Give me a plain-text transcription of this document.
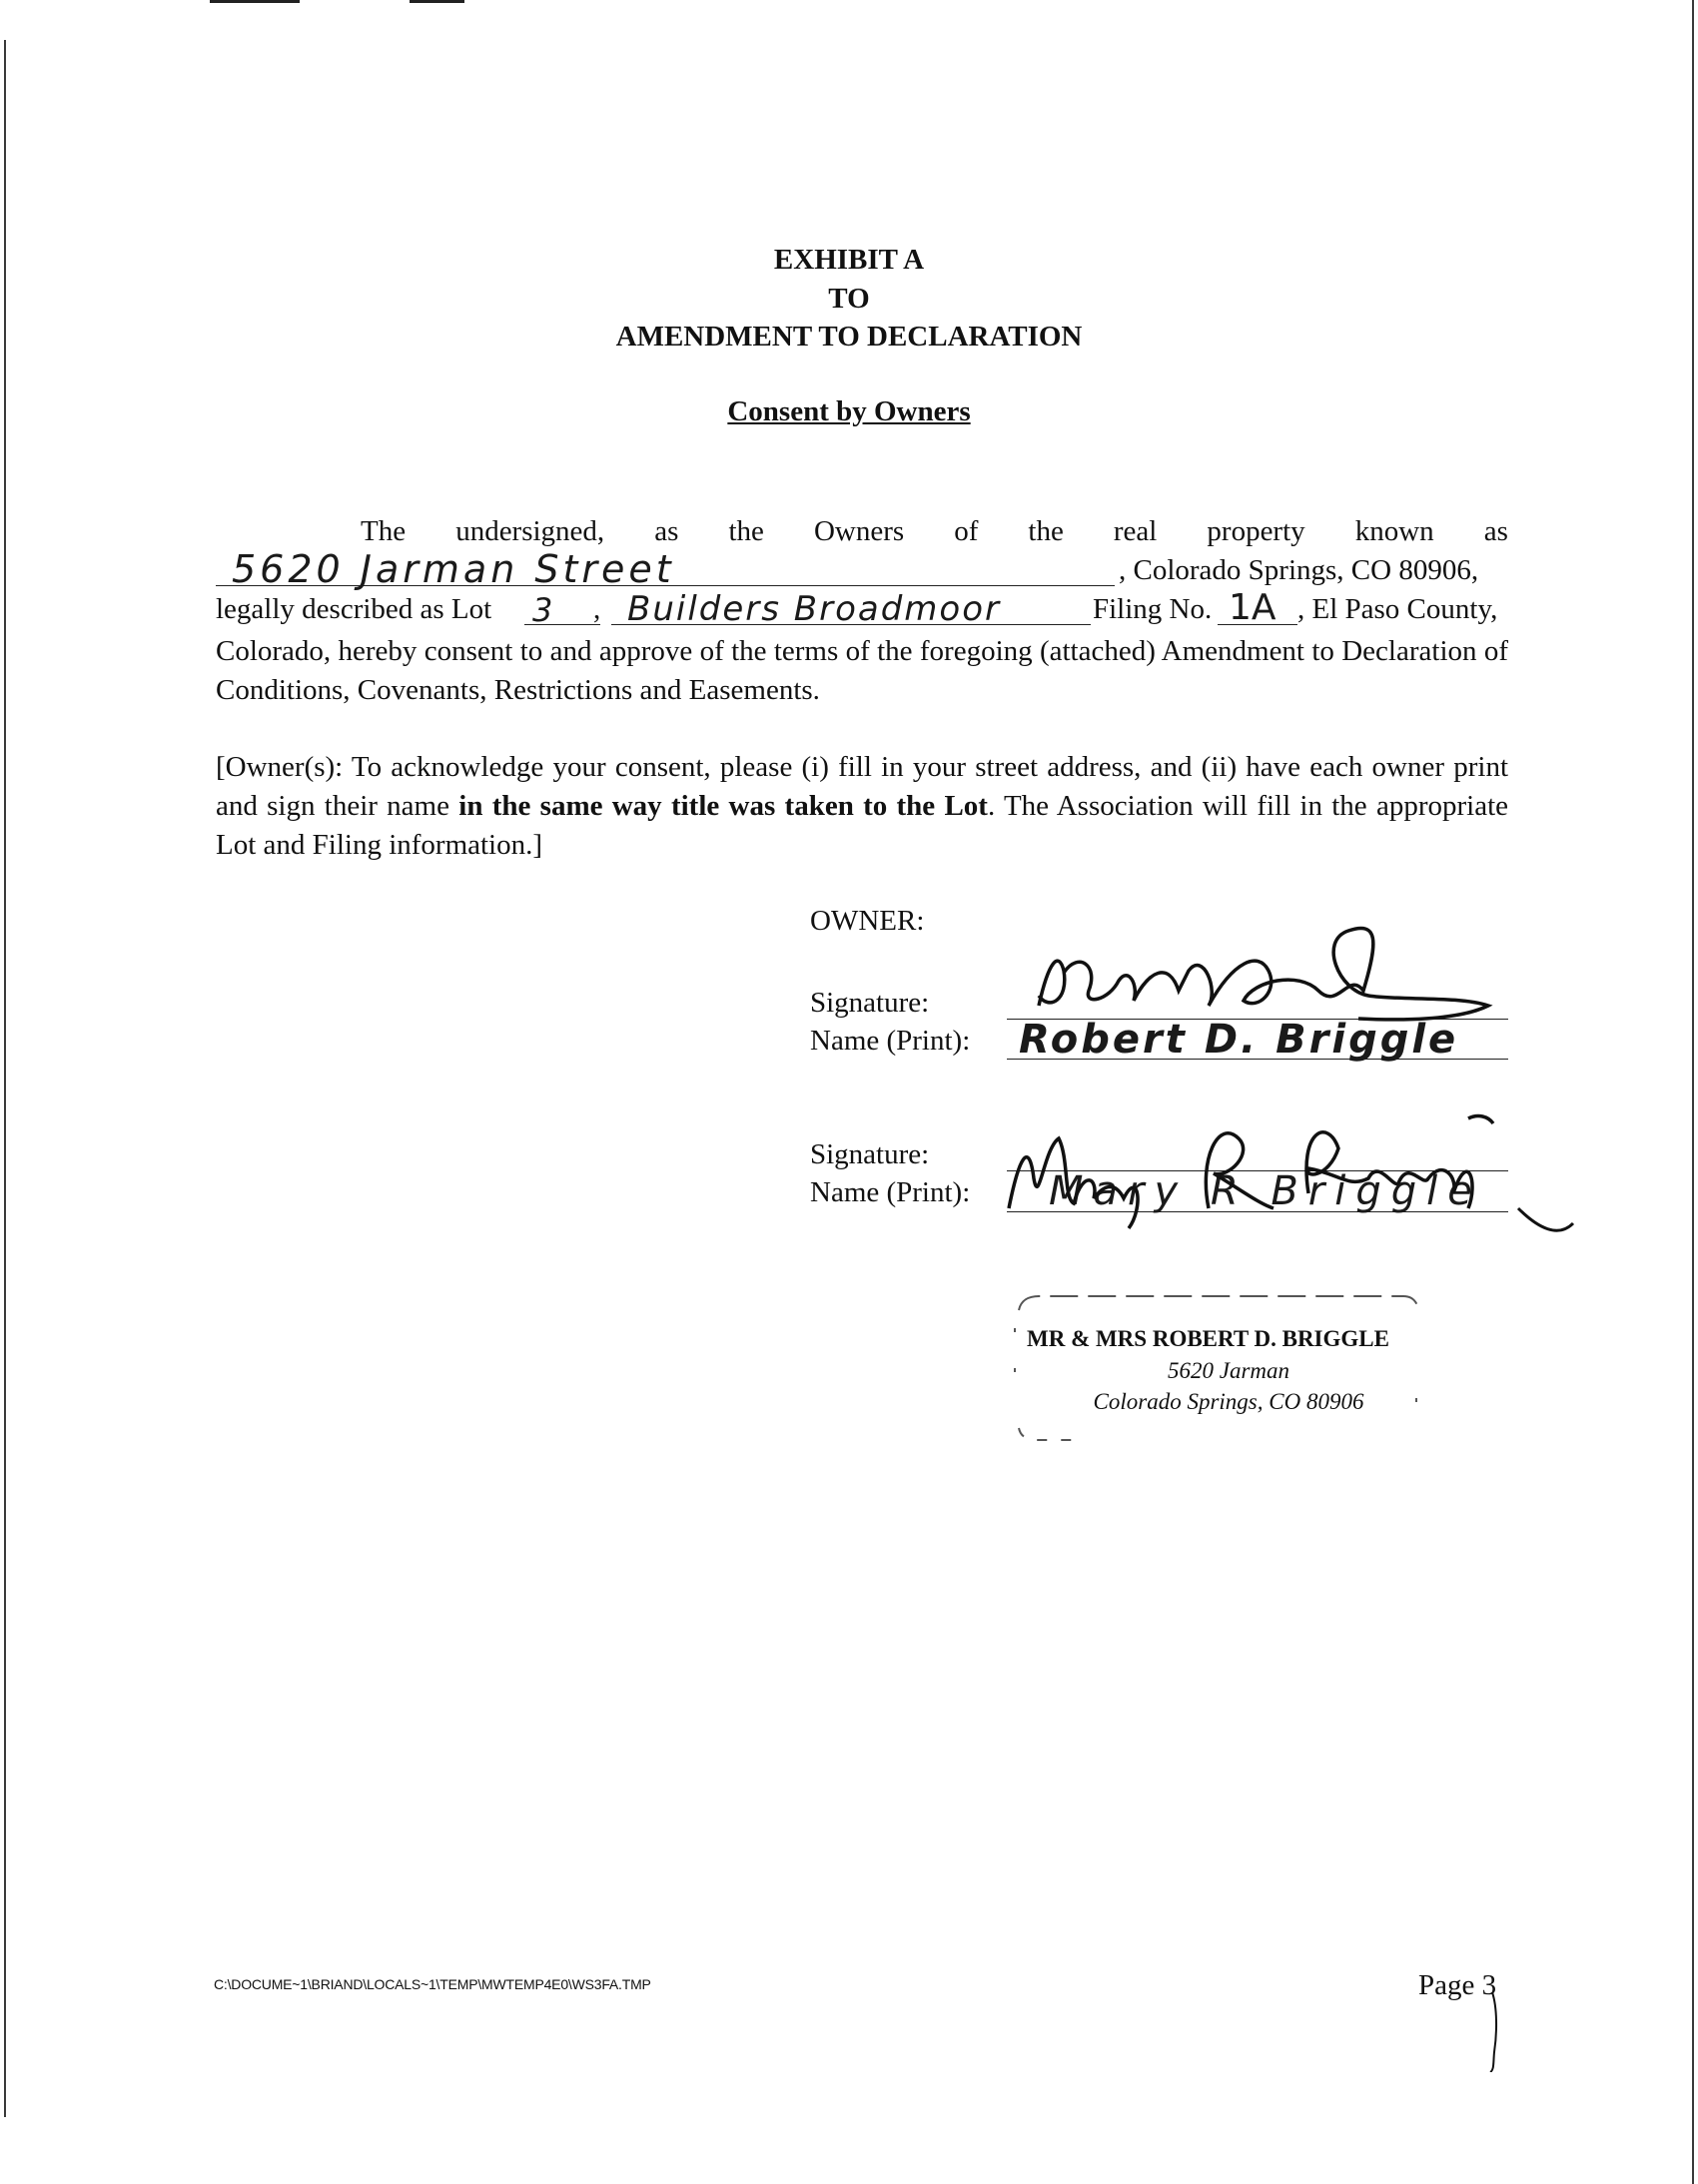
EXHIBIT A
TO
AMENDMENT TO DECLARATION
Consent by Owners
The undersigned, as the Owners of the real property known as
5620 Jarman Street	, Colorado Springs, CO 80906,
legally described as Lot	,	Filing No.	, El Paso County,
3 Builders Broadmoor	1A
Colorado, hereby consent to and approve of the terms of the foregoing (attached) Amendment to Declaration of Conditions, Covenants, Restrictions and Easements.
[Owner(s): To acknowledge your consent, please (i) fill in your street address, and (ii) have each owner print and sign their name in the same way title was taken to the Lot. The Association will fill in the appropriate Lot and Filing information.]
OWNER:
Signature:
Name (Print): Robert D. Briggle
Signature:
Name (Print): Mary R Briggle
MR & MRS ROBERT D. BRIGGLE
5620 Jarman
Colorado Springs, CO 80906
C:\DOCUME~1\BRIAND\LOCALS~1\TEMP\MWTEMP4E0\WS3FA.TMP	Page 3
